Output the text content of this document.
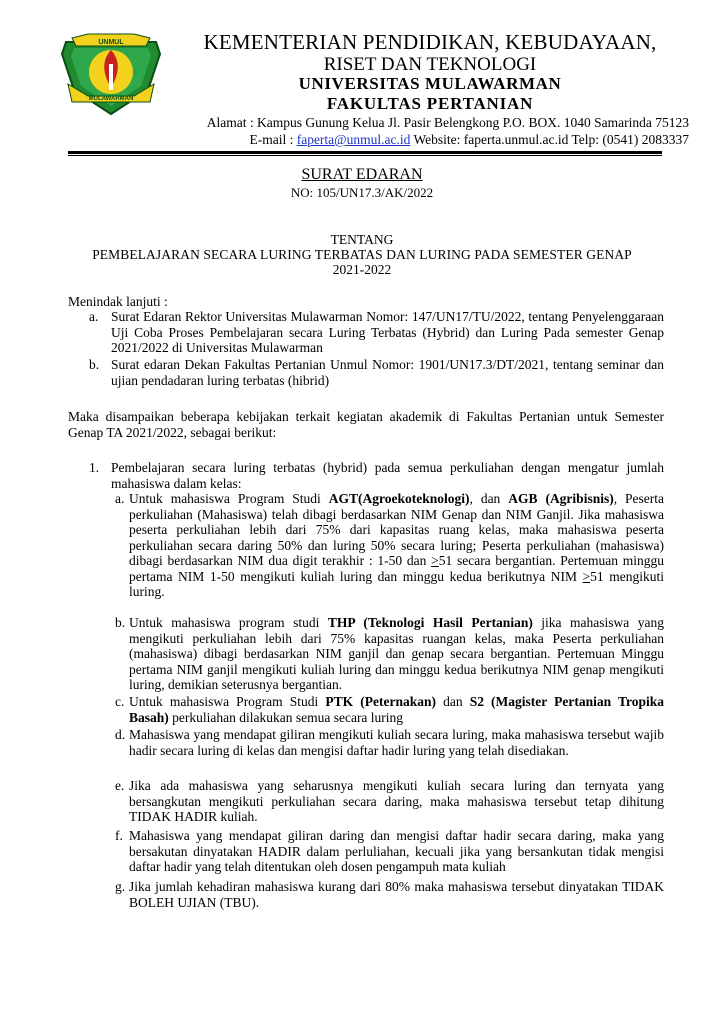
UNMUL
MULAWARMAN
KEMENTERIAN PENDIDIKAN, KEBUDAYAAN,
RISET DAN TEKNOLOGI
UNIVERSITAS MULAWARMAN
FAKULTAS PERTANIAN
Alamat : Kampus Gunung Kelua Jl. Pasir Belengkong P.O. BOX. 1040 Samarinda 75123
E-mail : faperta@unmul.ac.id Website: faperta.unmul.ac.id Telp: (0541) 2083337
SURAT EDARAN
NO: 105/UN17.3/AK/2022
TENTANG
PEMBELAJARAN SECARA LURING TERBATAS DAN LURING PADA SEMESTER GENAP
2021-2022
Menindak lanjuti :
a. Surat Edaran Rektor Universitas Mulawarman Nomor: 147/UN17/TU/2022, tentang Penyelenggaraan Uji Coba Proses Pembelajaran secara Luring Terbatas (Hybrid) dan Luring Pada semester Genap 2021/2022 di Universitas Mulawarman
b. Surat edaran Dekan Fakultas Pertanian Unmul Nomor: 1901/UN17.3/DT/2021, tentang seminar dan ujian pendadaran luring terbatas (hibrid)
Maka disampaikan beberapa kebijakan terkait kegiatan akademik di Fakultas Pertanian untuk Semester Genap TA 2021/2022, sebagai berikut:
1. Pembelajaran secara luring terbatas (hybrid) pada semua perkuliahan dengan mengatur jumlah mahasiswa dalam kelas:
a. Untuk mahasiswa Program Studi AGT(Agroekoteknologi), dan AGB (Agribisnis), Peserta perkuliahan (Mahasiswa) telah dibagi berdasarkan NIM Genap dan NIM Ganjil. Jika mahasiswa peserta perkuliahan lebih dari 75% dari kapasitas ruang kelas, maka mahasiswa peserta perkuliahan secara daring 50% dan luring 50% secara luring; Peserta perkuliahan (mahasiswa) dibagi berdasarkan NIM dua digit terakhir : 1-50 dan >51 secara bergantian. Pertemuan minggu pertama NIM 1-50 mengikuti kuliah luring dan minggu kedua berikutnya NIM >51 mengikuti luring.
b. Untuk mahasiswa program studi THP (Teknologi Hasil Pertanian) jika mahasiswa yang mengikuti perkuliahan lebih dari 75% kapasitas ruangan kelas, maka Peserta perkuliahan (mahasiswa) dibagi berdasarkan NIM ganjil dan genap secara bergantian. Pertemuan Minggu pertama NIM ganjil mengikuti kuliah luring dan minggu kedua berikutnya NIM genap mengikuti luring, demikian seterusnya bergantian.
c. Untuk mahasiswa Program Studi PTK (Peternakan) dan S2 (Magister Pertanian Tropika Basah) perkuliahan dilakukan semua secara luring
d. Mahasiswa yang mendapat giliran mengikuti kuliah secara luring, maka mahasiswa tersebut wajib hadir secara luring di kelas dan mengisi daftar hadir luring yang telah disediakan.
e. Jika ada mahasiswa yang seharusnya mengikuti kuliah secara luring dan ternyata yang bersangkutan mengikuti perkuliahan secara daring, maka mahasiswa tersebut tetap dihitung TIDAK HADIR kuliah.
f. Mahasiswa yang mendapat giliran daring dan mengisi daftar hadir secara daring, maka yang bersakutan dinyatakan HADIR dalam perluliahan, kecuali jika yang bersankutan tidak mengisi daftar hadir yang telah ditentukan oleh dosen pengampuh mata kuliah
g. Jika jumlah kehadiran mahasiswa kurang dari 80% maka mahasiswa tersebut dinyatakan TIDAK BOLEH UJIAN (TBU).
